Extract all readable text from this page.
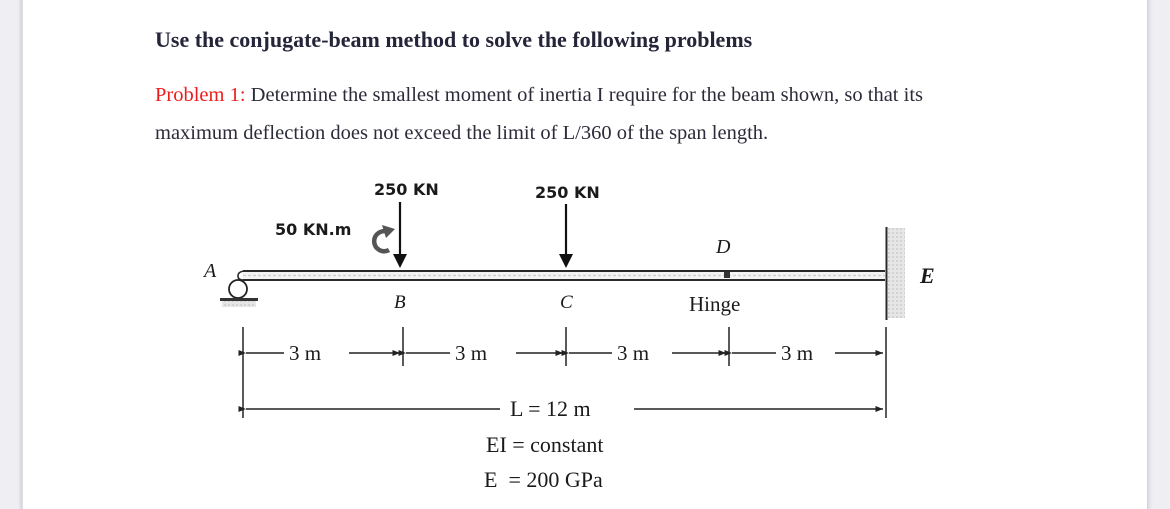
Use the conjugate-beam method to solve the following problems
Problem 1: Determine the smallest moment of inertia I require for the beam shown, so that its
maximum deflection does not exceed the limit of L/360 of the span length.
A	E
50 KN.m
250 KN	250 KN
D
Hinge
B	C
3 m	3 m	3 m	3 m
L = 12 m
EI = constant
E  = 200 GPa
